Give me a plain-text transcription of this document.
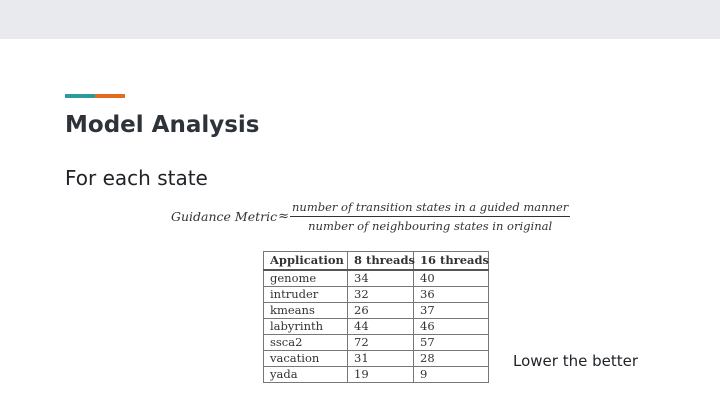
Model Analysis
For each state
Guidance Metric ≈ $\frac{\text{number of transition states in a guided manner}}{\text{number of neighbouring states in original}}$
Application	8 threads	16 threads
genome	34	40
intruder	32	36
kmeans	26	37
labyrinth	44	46
ssca2	72	57
vacation	31	28
yada	19	9
Lower the better
